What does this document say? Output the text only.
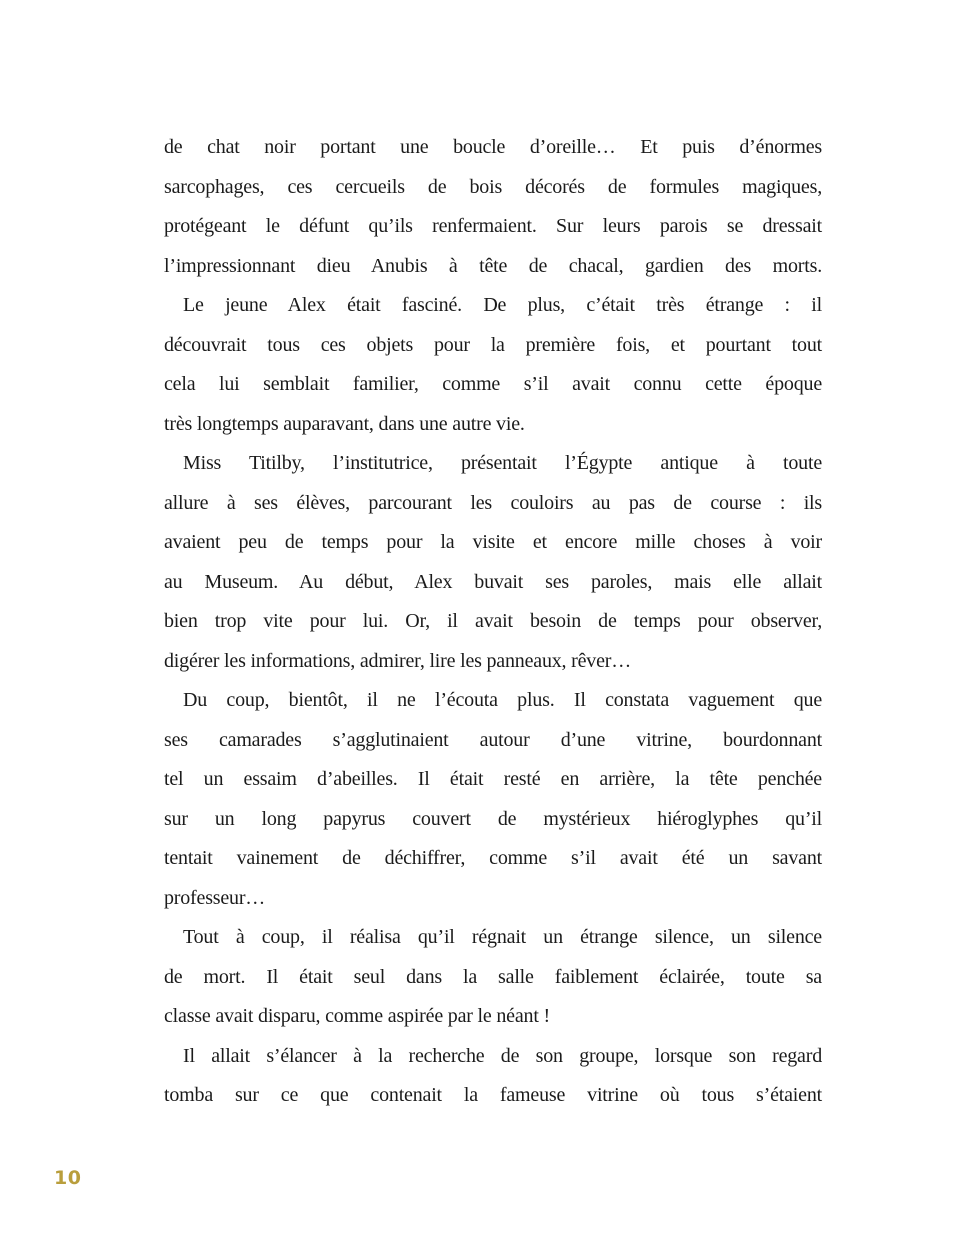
de chat noir portant une boucle d’oreille… Et puis d’énormes
sarcophages, ces cercueils de bois décorés de formules magiques,
protégeant le défunt qu’ils renfermaient. Sur leurs parois se dressait
l’impressionnant dieu Anubis à tête de chacal, gardien des morts.
Le jeune Alex était fasciné. De plus, c’était très étrange : il
découvrait tous ces objets pour la première fois, et pourtant tout
cela lui semblait familier, comme s’il avait connu cette époque
très longtemps auparavant, dans une autre vie.
Miss Titilby, l’institutrice, présentait l’Égypte antique à toute
allure à ses élèves, parcourant les couloirs au pas de course : ils
avaient peu de temps pour la visite et encore mille choses à voir
au Museum. Au début, Alex buvait ses paroles, mais elle allait
bien trop vite pour lui. Or, il avait besoin de temps pour observer,
digérer les informations, admirer, lire les panneaux, rêver…
Du coup, bientôt, il ne l’écouta plus. Il constata vaguement que
ses camarades s’agglutinaient autour d’une vitrine, bourdonnant
tel un essaim d’abeilles. Il était resté en arrière, la tête penchée
sur un long papyrus couvert de mystérieux hiéroglyphes qu’il
tentait vainement de déchiffrer, comme s’il avait été un savant
professeur…
Tout à coup, il réalisa qu’il régnait un étrange silence, un silence
de mort. Il était seul dans la salle faiblement éclairée, toute sa
classe avait disparu, comme aspirée par le néant !
Il allait s’élancer à la recherche de son groupe, lorsque son regard
tomba sur ce que contenait la fameuse vitrine où tous s’étaient
10
